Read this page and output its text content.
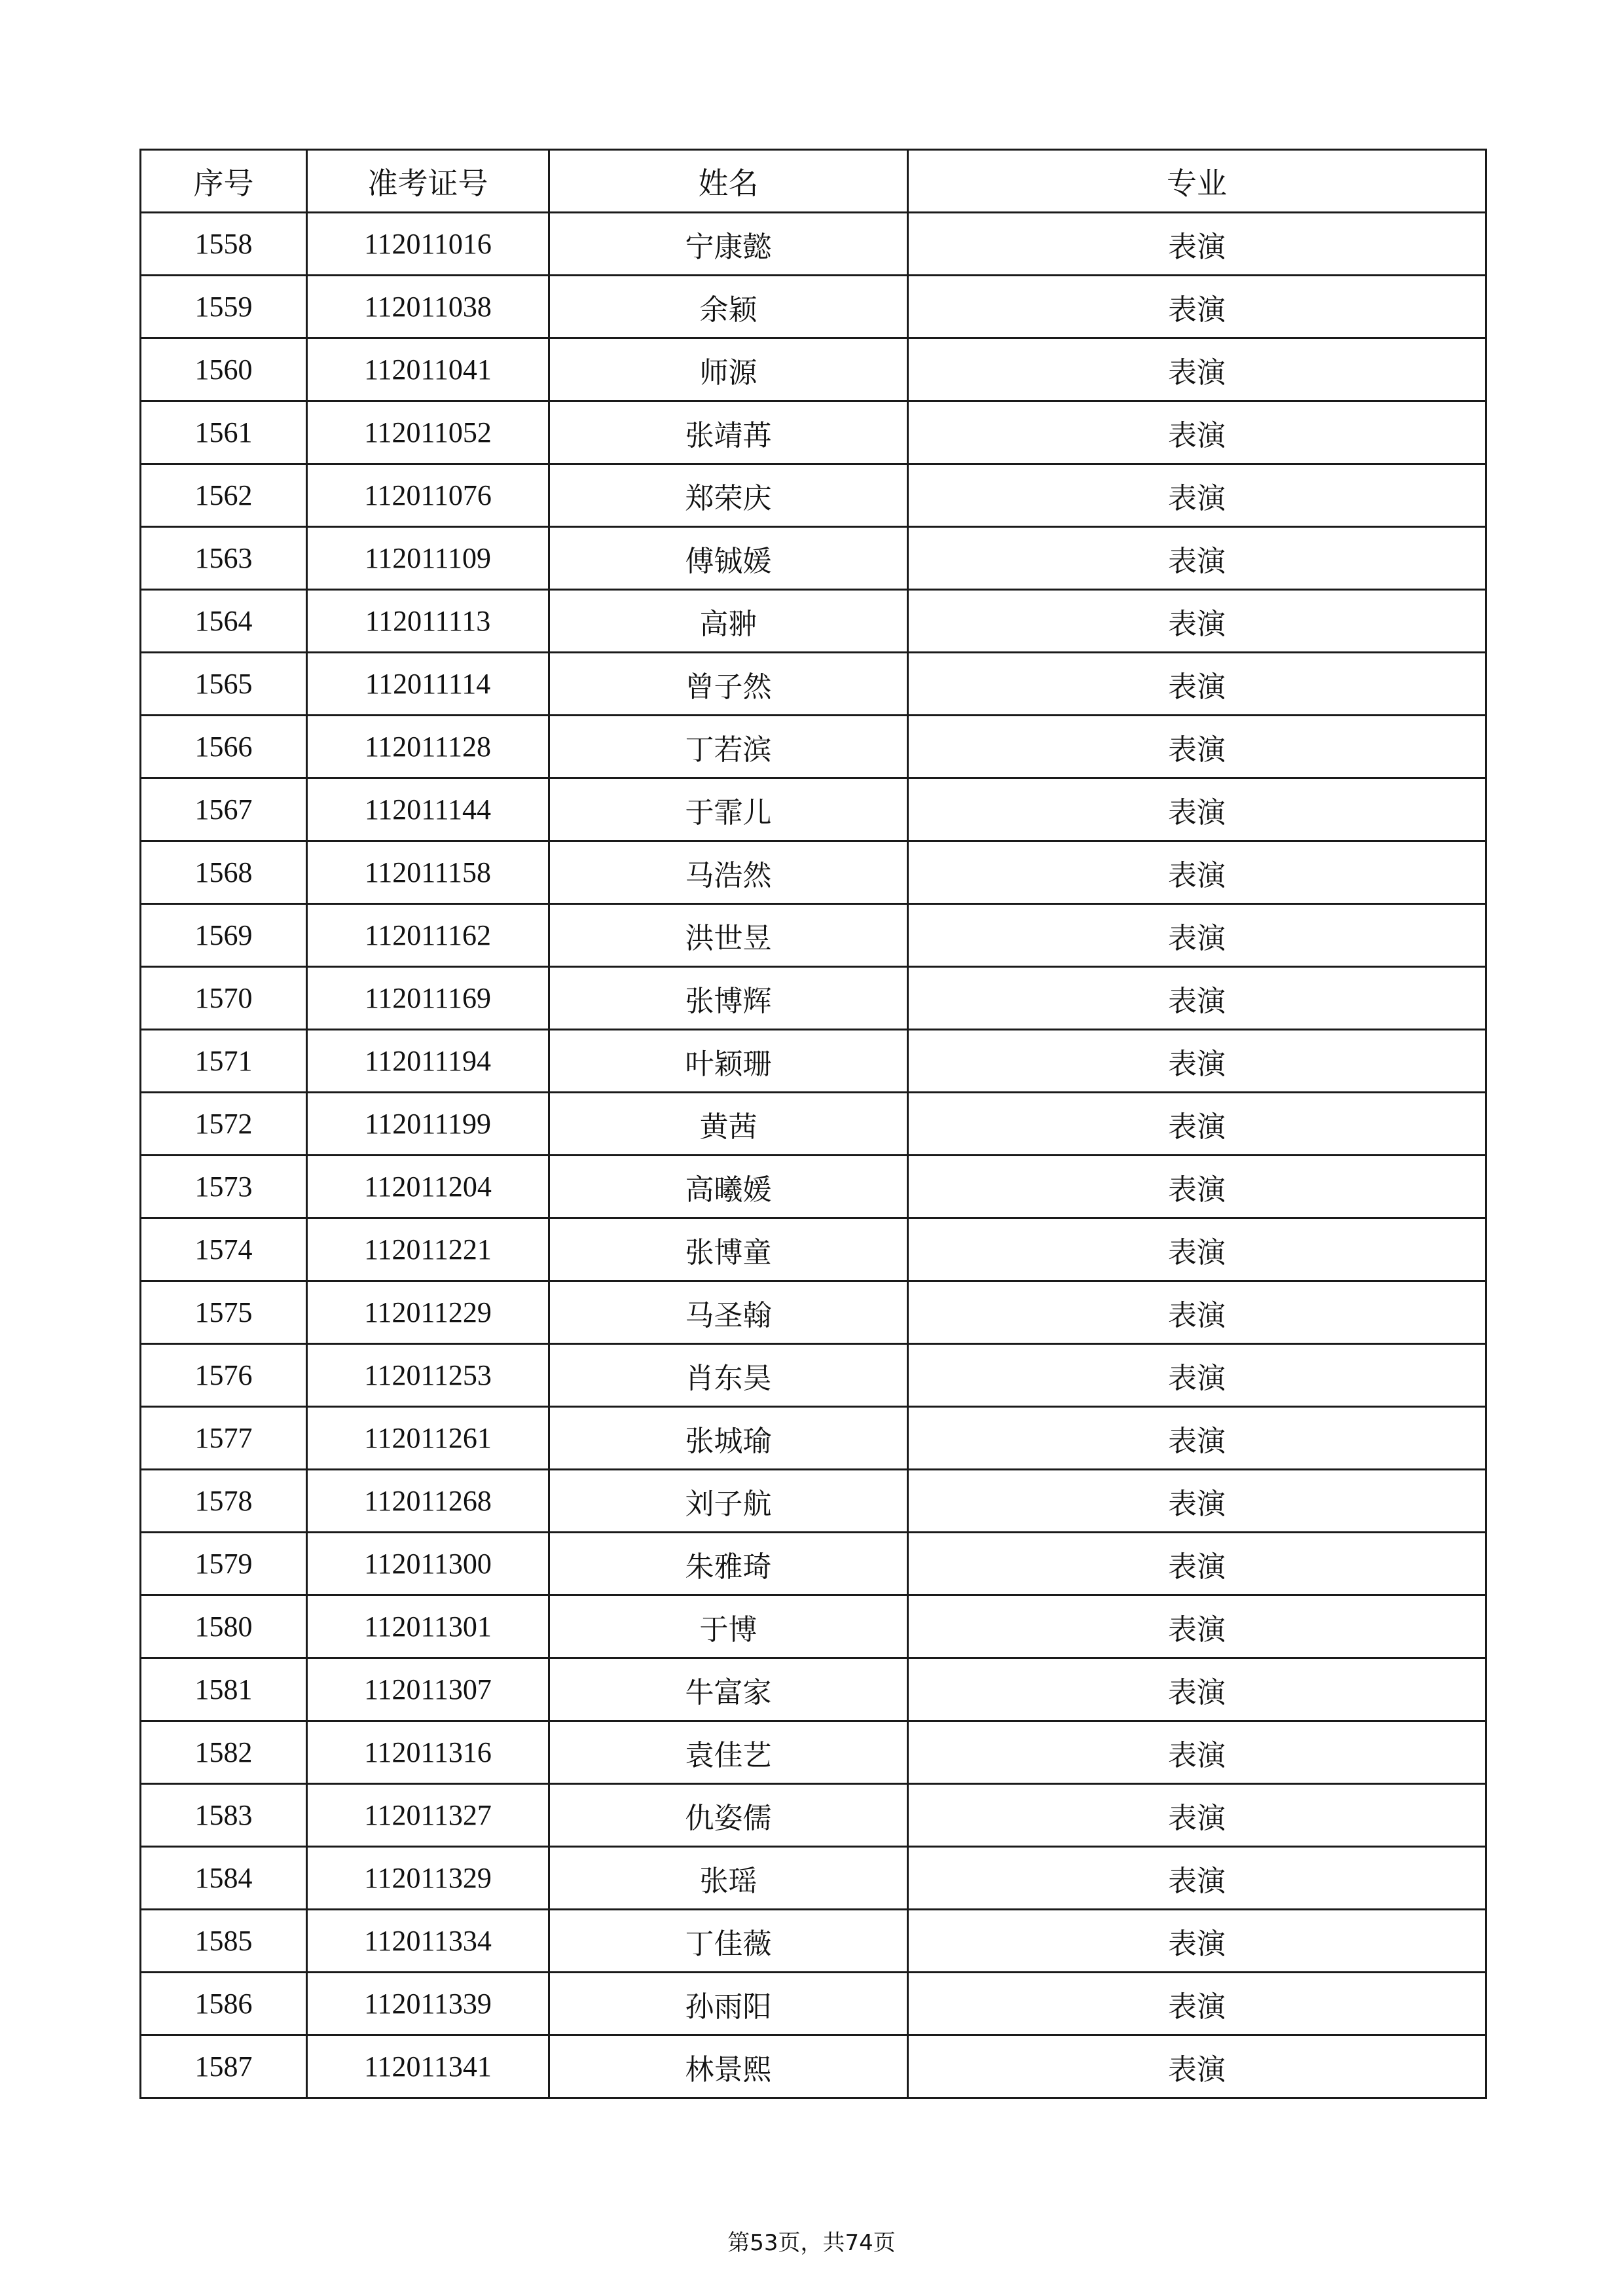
序号	准考证号	姓名	专业
1558	112011016	宁康懿	表演
1559	112011038	余颖	表演
1560	112011041	师源	表演
1561	112011052	张靖苒	表演
1562	112011076	郑荣庆	表演
1563	112011109	傅铖媛	表演
1564	112011113	高翀	表演
1565	112011114	曾子然	表演
1566	112011128	丁若滨	表演
1567	112011144	于霏儿	表演
1568	112011158	马浩然	表演
1569	112011162	洪世昱	表演
1570	112011169	张博辉	表演
1571	112011194	叶颖珊	表演
1572	112011199	黄茜	表演
1573	112011204	高曦媛	表演
1574	112011221	张博童	表演
1575	112011229	马圣翰	表演
1576	112011253	肖东昊	表演
1577	112011261	张城瑜	表演
1578	112011268	刘子航	表演
1579	112011300	朱雅琦	表演
1580	112011301	于博	表演
1581	112011307	牛富家	表演
1582	112011316	袁佳艺	表演
1583	112011327	仇姿儒	表演
1584	112011329	张瑶	表演
1585	112011334	丁佳薇	表演
1586	112011339	孙雨阳	表演
1587	112011341	林景熙	表演
第53页，共74页
